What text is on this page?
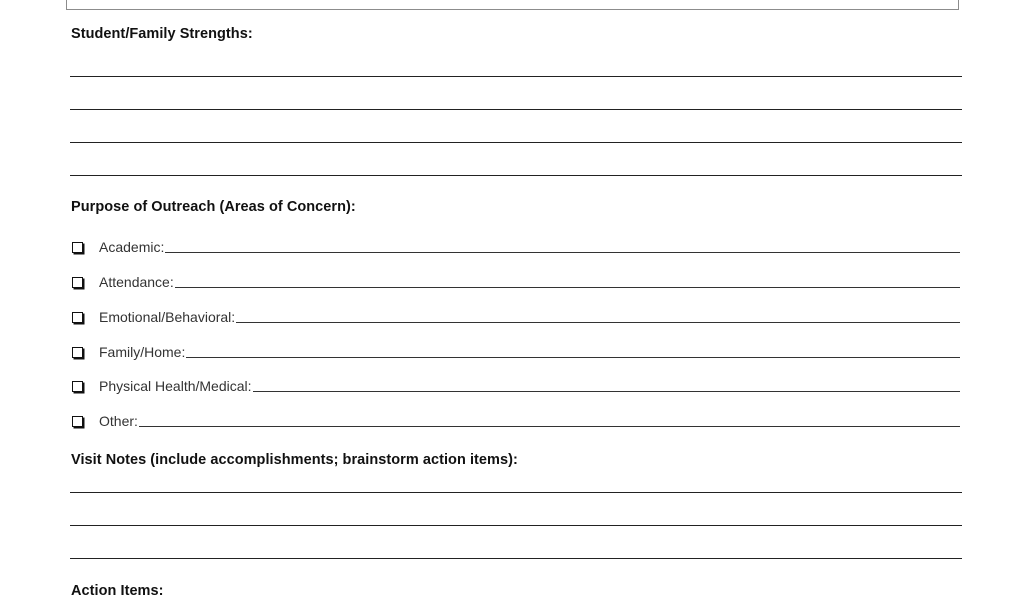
Student/Family Strengths:
Purpose of Outreach (Areas of Concern):
Academic:
Attendance:
Emotional/Behavioral:
Family/Home:
Physical Health/Medical:
Other:
Visit Notes (include accomplishments; brainstorm action items):
Action Items:
